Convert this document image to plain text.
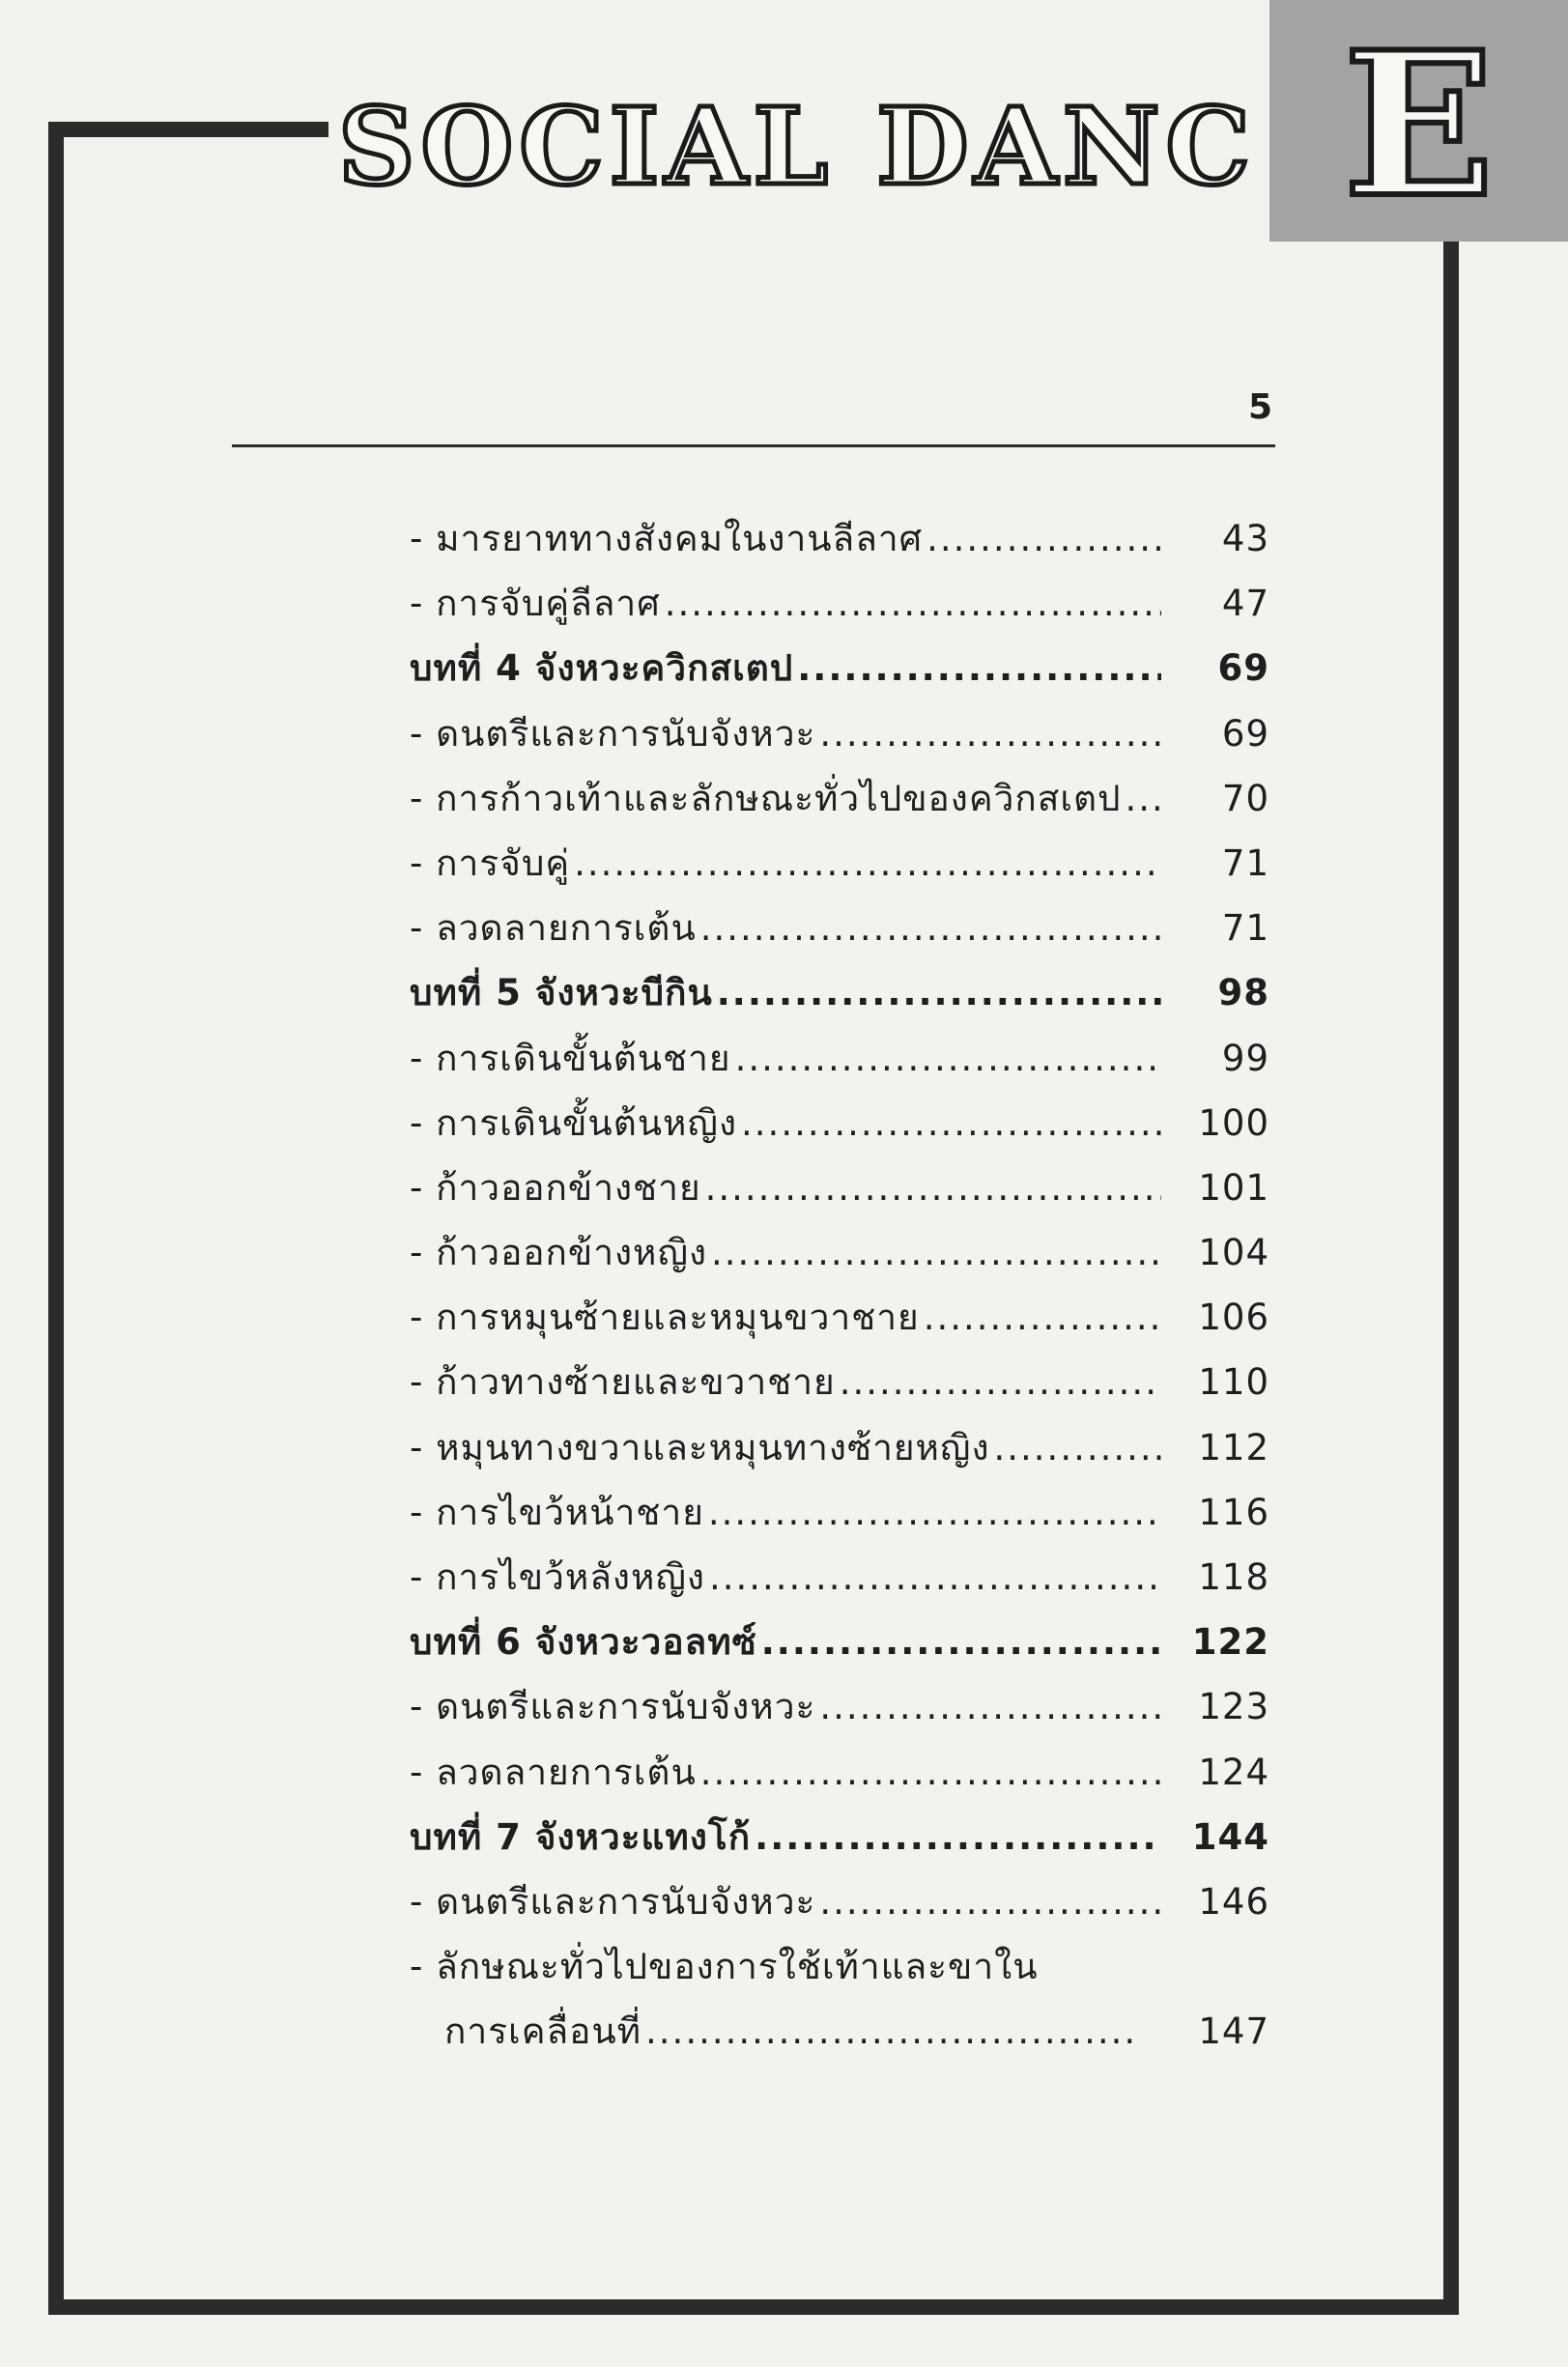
SOCIAL DANC E
5
- มารยาททางสังคมในงานลีลาศ .....	43
- การจับคู่ลีลาศ .....	47
บทที่ 4 จังหวะควิกสเตป .....	69
- ดนตรีและการนับจังหวะ .....	69
- การก้าวเท้าและลักษณะทั่วไปของควิกสเตป .....	70
- การจับคู่ .....	71
- ลวดลายการเต้น .....	71
บทที่ 5 จังหวะบีกิน .....	98
- การเดินขั้นต้นชาย .....	99
- การเดินขั้นต้นหญิง .....	100
- ก้าวออกข้างชาย .....	101
- ก้าวออกข้างหญิง .....	104
- การหมุนซ้ายและหมุนขวาชาย .....	106
- ก้าวทางซ้ายและขวาชาย .....	110
- หมุนทางขวาและหมุนทางซ้ายหญิง .....	112
- การไขว้หน้าชาย .....	116
- การไขว้หลังหญิง .....	118
บทที่ 6 จังหวะวอลทซ์ .....	122
- ดนตรีและการนับจังหวะ .....	123
- ลวดลายการเต้น .....	124
บทที่ 7 จังหวะแทงโก้ .....	144
- ดนตรีและการนับจังหวะ .....	146
- ลักษณะทั่วไปของการใช้เท้าและขาใน
การเคลื่อนที่ .....	147
